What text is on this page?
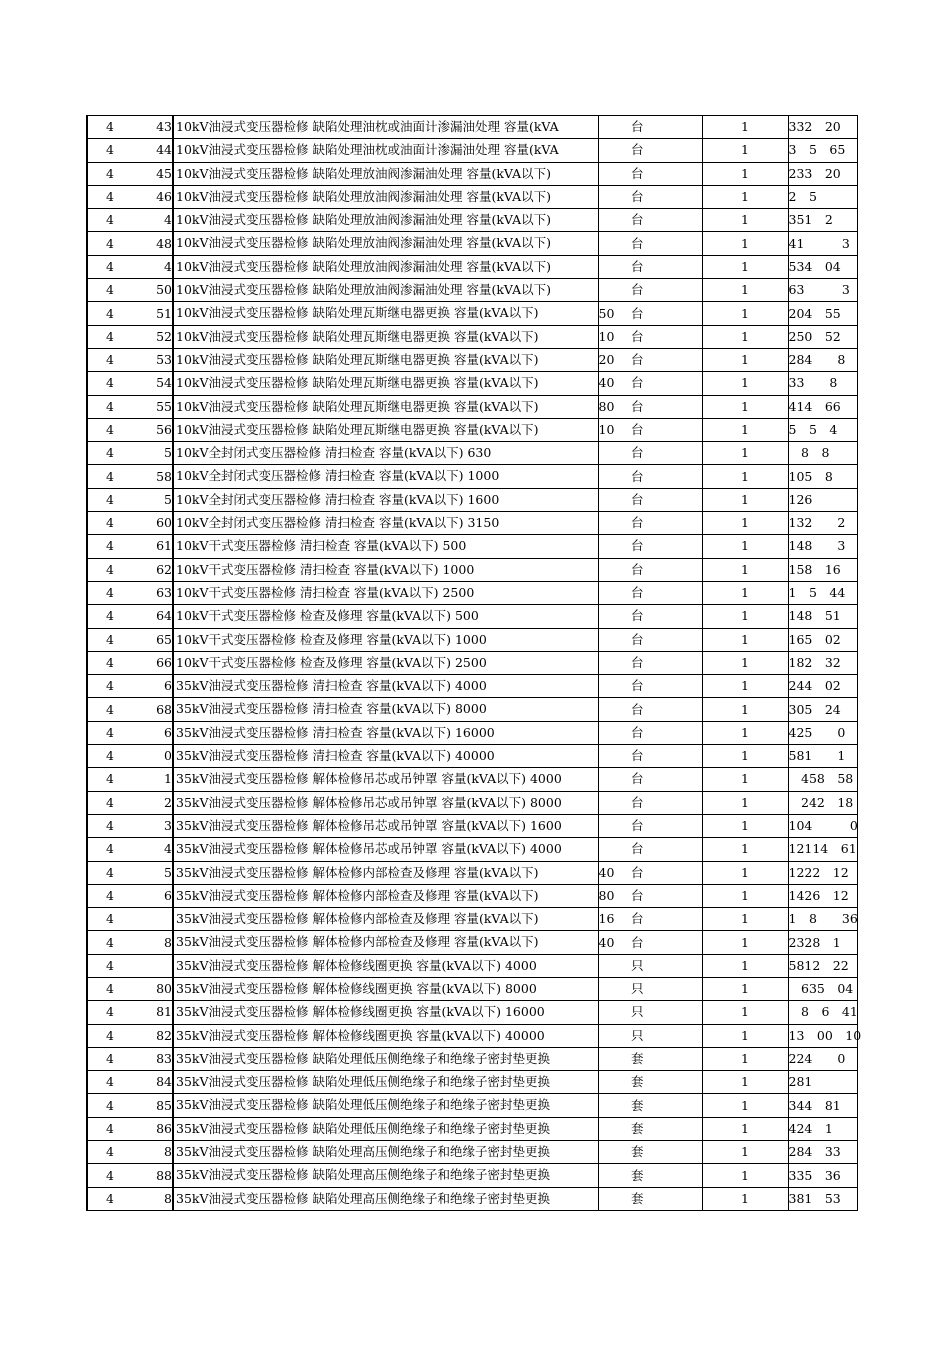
4 43	10kV油浸式变压器检修 缺陷处理油枕或油面计渗漏油处理 容量(kVA		台	1	332　20
4 44	10kV油浸式变压器检修 缺陷处理油枕或油面计渗漏油处理 容量(kVA		台	1	3　5　65
4 45	10kV油浸式变压器检修 缺陷处理放油阀渗漏油处理 容量(kVA以下)		台	1	233　20
4 46	10kV油浸式变压器检修 缺陷处理放油阀渗漏油处理 容量(kVA以下)		台	1	2　5
4 4	10kV油浸式变压器检修 缺陷处理放油阀渗漏油处理 容量(kVA以下)		台	1	351　2
4 48	10kV油浸式变压器检修 缺陷处理放油阀渗漏油处理 容量(kVA以下)		台	1	41　　　3
4 4	10kV油浸式变压器检修 缺陷处理放油阀渗漏油处理 容量(kVA以下)		台	1	534　04
4 50	10kV油浸式变压器检修 缺陷处理放油阀渗漏油处理 容量(kVA以下)		台	1	63　　　3
4 51	10kV油浸式变压器检修 缺陷处理瓦斯继电器更换 容量(kVA以下)	50	台	1	204　55
4 52	10kV油浸式变压器检修 缺陷处理瓦斯继电器更换 容量(kVA以下)	10	台	1	250　52
4 53	10kV油浸式变压器检修 缺陷处理瓦斯继电器更换 容量(kVA以下)	20	台	1	284　　8
4 54	10kV油浸式变压器检修 缺陷处理瓦斯继电器更换 容量(kVA以下)	40	台	1	33　　8
4 55	10kV油浸式变压器检修 缺陷处理瓦斯继电器更换 容量(kVA以下)	80	台	1	414　66
4 56	10kV油浸式变压器检修 缺陷处理瓦斯继电器更换 容量(kVA以下)	10	台	1	5　5　4
4 5	10kV全封闭式变压器检修 清扫检查 容量(kVA以下) 630		台	1	　8　8
4 58	10kV全封闭式变压器检修 清扫检查 容量(kVA以下) 1000		台	1	105　8
4 5	10kV全封闭式变压器检修 清扫检查 容量(kVA以下) 1600		台	1	126
4 60	10kV全封闭式变压器检修 清扫检查 容量(kVA以下) 3150		台	1	132　　2
4 61	10kV干式变压器检修 清扫检查 容量(kVA以下) 500		台	1	148　　3
4 62	10kV干式变压器检修 清扫检查 容量(kVA以下) 1000		台	1	158　16
4 63	10kV干式变压器检修 清扫检查 容量(kVA以下) 2500		台	1	1　5　44
4 64	10kV干式变压器检修 检查及修理 容量(kVA以下) 500		台	1	148　51
4 65	10kV干式变压器检修 检查及修理 容量(kVA以下) 1000		台	1	165　02
4 66	10kV干式变压器检修 检查及修理 容量(kVA以下) 2500		台	1	182　32
4 6	35kV油浸式变压器检修 清扫检查 容量(kVA以下) 4000		台	1	244　02
4 68	35kV油浸式变压器检修 清扫检查 容量(kVA以下) 8000		台	1	305　24
4 6	35kV油浸式变压器检修 清扫检查 容量(kVA以下) 16000		台	1	425　　0
4 0	35kV油浸式变压器检修 清扫检查 容量(kVA以下) 40000		台	1	581　　1
4 1	35kV油浸式变压器检修 解体检修吊芯或吊钟罩 容量(kVA以下) 4000		台	1	　458　58
4 2	35kV油浸式变压器检修 解体检修吊芯或吊钟罩 容量(kVA以下) 8000		台	1	　242　18
4 3	35kV油浸式变压器检修 解体检修吊芯或吊钟罩 容量(kVA以下) 1600		台	1	104　　　0
4 4	35kV油浸式变压器检修 解体检修吊芯或吊钟罩 容量(kVA以下) 4000		台	1	12114　61
4 5	35kV油浸式变压器检修 解体检修内部检查及修理 容量(kVA以下)	40	台	1	1222　12
4 6	35kV油浸式变压器检修 解体检修内部检查及修理 容量(kVA以下)	80	台	1	1426　12
4	35kV油浸式变压器检修 解体检修内部检查及修理 容量(kVA以下)	16	台	1	1　8　　36
4 8	35kV油浸式变压器检修 解体检修内部检查及修理 容量(kVA以下)	40	台	1	2328　1
4	35kV油浸式变压器检修 解体检修线圈更换 容量(kVA以下) 4000		只	1	5812　22
4 80	35kV油浸式变压器检修 解体检修线圈更换 容量(kVA以下) 8000		只	1	　635　04
4 81	35kV油浸式变压器检修 解体检修线圈更换 容量(kVA以下) 16000		只	1	　8　6　41
4 82	35kV油浸式变压器检修 解体检修线圈更换 容量(kVA以下) 40000		只	1	13　00　10
4 83	35kV油浸式变压器检修 缺陷处理低压侧绝缘子和绝缘子密封垫更换		套	1	224　　0
4 84	35kV油浸式变压器检修 缺陷处理低压侧绝缘子和绝缘子密封垫更换		套	1	281
4 85	35kV油浸式变压器检修 缺陷处理低压侧绝缘子和绝缘子密封垫更换		套	1	344　81
4 86	35kV油浸式变压器检修 缺陷处理低压侧绝缘子和绝缘子密封垫更换		套	1	424　1
4 8	35kV油浸式变压器检修 缺陷处理高压侧绝缘子和绝缘子密封垫更换		套	1	284　33
4 88	35kV油浸式变压器检修 缺陷处理高压侧绝缘子和绝缘子密封垫更换		套	1	335　36
4 8	35kV油浸式变压器检修 缺陷处理高压侧绝缘子和绝缘子密封垫更换		套	1	381　53
